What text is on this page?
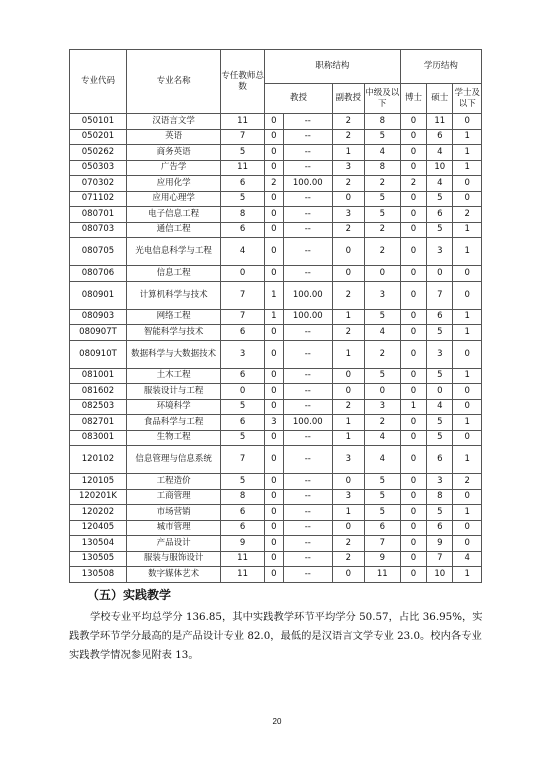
专业代码	专业名称	专任教师总数	职称结构				学历结构		
			教授		副教授	中级及以下	博士	硕士	学士及以下
050101	汉语言文学	11	0	--	2	8	0	11	0
050201	英语	7	0	--	2	5	0	6	1
050262	商务英语	5	0	--	1	4	0	4	1
050303	广告学	11	0	--	3	8	0	10	1
070302	应用化学	6	2	100.00	2	2	2	4	0
071102	应用心理学	5	0	--	0	5	0	5	0
080701	电子信息工程	8	0	--	3	5	0	6	2
080703	通信工程	6	0	--	2	2	0	5	1
080705	光电信息科学与工程	4	0	--	0	2	0	3	1
080706	信息工程	0	0	--	0	0	0	0	0
080901	计算机科学与技术	7	1	100.00	2	3	0	7	0
080903	网络工程	7	1	100.00	1	5	0	6	1
080907T	智能科学与技术	6	0	--	2	4	0	5	1
080910T	数据科学与大数据技术	3	0	--	1	2	0	3	0
081001	土木工程	6	0	--	0	5	0	5	1
081602	服装设计与工程	0	0	--	0	0	0	0	0
082503	环境科学	5	0	--	2	3	1	4	0
082701	食品科学与工程	6	3	100.00	1	2	0	5	1
083001	生物工程	5	0	--	1	4	0	5	0
120102	信息管理与信息系统	7	0	--	3	4	0	6	1
120105	工程造价	5	0	--	0	5	0	3	2
120201K	工商管理	8	0	--	3	5	0	8	0
120202	市场营销	6	0	--	1	5	0	5	1
120405	城市管理	6	0	--	0	6	0	6	0
130504	产品设计	9	0	--	2	7	0	9	0
130505	服装与服饰设计	11	0	--	2	9	0	7	4
130508	数字媒体艺术	11	0	--	0	11	0	10	1
（五）实践教学

学校专业平均总学分 136.85，其中实践教学环节平均学分 50.57，占比 36.95%，实践教学环节学分最高的是产品设计专业 82.0，最低的是汉语言文学专业 23.0。校内各专业实践教学情况参见附表 13。

20
